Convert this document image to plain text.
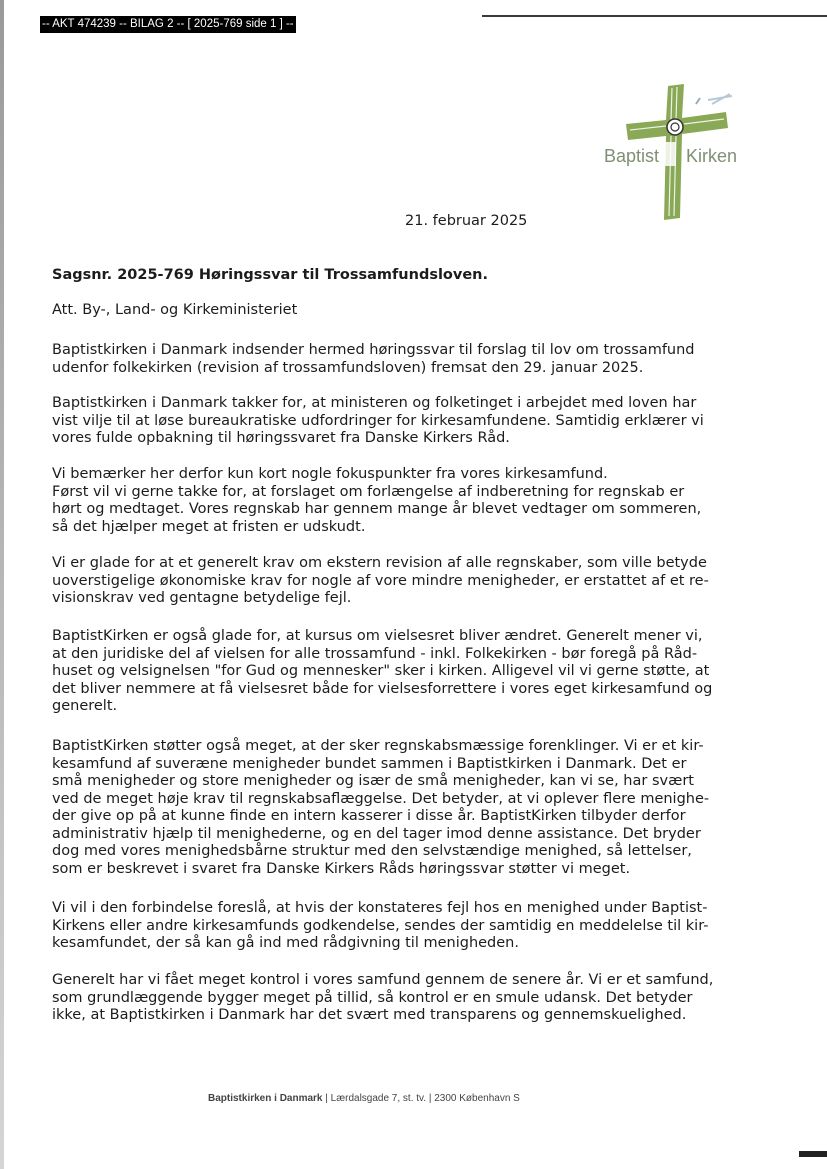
-- AKT 474239 -- BILAG 2 -- [ 2025-769 side 1 ] --
Baptist Kirken
21. februar 2025
Sagsnr. 2025-769 Høringssvar til Trossamfundsloven.

Att. By-, Land- og Kirkeministeriet

Baptistkirken i Danmark indsender hermed høringssvar til forslag til lov om trossamfund
udenfor folkekirken (revision af trossamfundsloven) fremsat den 29. januar 2025.

Baptistkirken i Danmark takker for, at ministeren og folketinget i arbejdet med loven har
vist vilje til at løse bureaukratiske udfordringer for kirkesamfundene. Samtidig erklærer vi
vores fulde opbakning til høringssvaret fra Danske Kirkers Råd.

Vi bemærker her derfor kun kort nogle fokuspunkter fra vores kirkesamfund.
Først vil vi gerne takke for, at forslaget om forlængelse af indberetning for regnskab er
hørt og medtaget. Vores regnskab har gennem mange år blevet vedtager om sommeren,
så det hjælper meget at fristen er udskudt.

Vi er glade for at et generelt krav om ekstern revision af alle regnskaber, som ville betyde
uoverstigelige økonomiske krav for nogle af vore mindre menigheder, er erstattet af et re-
visionskrav ved gentagne betydelige fejl.

BaptistKirken er også glade for, at kursus om vielsesret bliver ændret. Generelt mener vi,
at den juridiske del af vielsen for alle trossamfund - inkl. Folkekirken - bør foregå på Råd-
huset og velsignelsen "for Gud og mennesker" sker i kirken. Alligevel vil vi gerne støtte, at
det bliver nemmere at få vielsesret både for vielsesforrettere i vores eget kirkesamfund og
generelt.

BaptistKirken støtter også meget, at der sker regnskabsmæssige forenklinger. Vi er et kir-
kesamfund af suveræne menigheder bundet sammen i Baptistkirken i Danmark. Det er
små menigheder og store menigheder og især de små menigheder, kan vi se, har svært
ved de meget høje krav til regnskabsaflæggelse. Det betyder, at vi oplever flere menighe-
der give op på at kunne finde en intern kasserer i disse år. BaptistKirken tilbyder derfor
administrativ hjælp til menighederne, og en del tager imod denne assistance. Det bryder
dog med vores menighedsbårne struktur med den selvstændige menighed, så lettelser,
som er beskrevet i svaret fra Danske Kirkers Råds høringssvar støtter vi meget.

Vi vil i den forbindelse foreslå, at hvis der konstateres fejl hos en menighed under Baptist-
Kirkens eller andre kirkesamfunds godkendelse, sendes der samtidig en meddelelse til kir-
kesamfundet, der så kan gå ind med rådgivning til menigheden.

Generelt har vi fået meget kontrol i vores samfund gennem de senere år. Vi er et samfund,
som grundlæggende bygger meget på tillid, så kontrol er en smule udansk. Det betyder
ikke, at Baptistkirken i Danmark har det svært med transparens og gennemskuelighed.

Baptistkirken i Danmark | Lærdalsgade 7, st. tv. | 2300 København S
